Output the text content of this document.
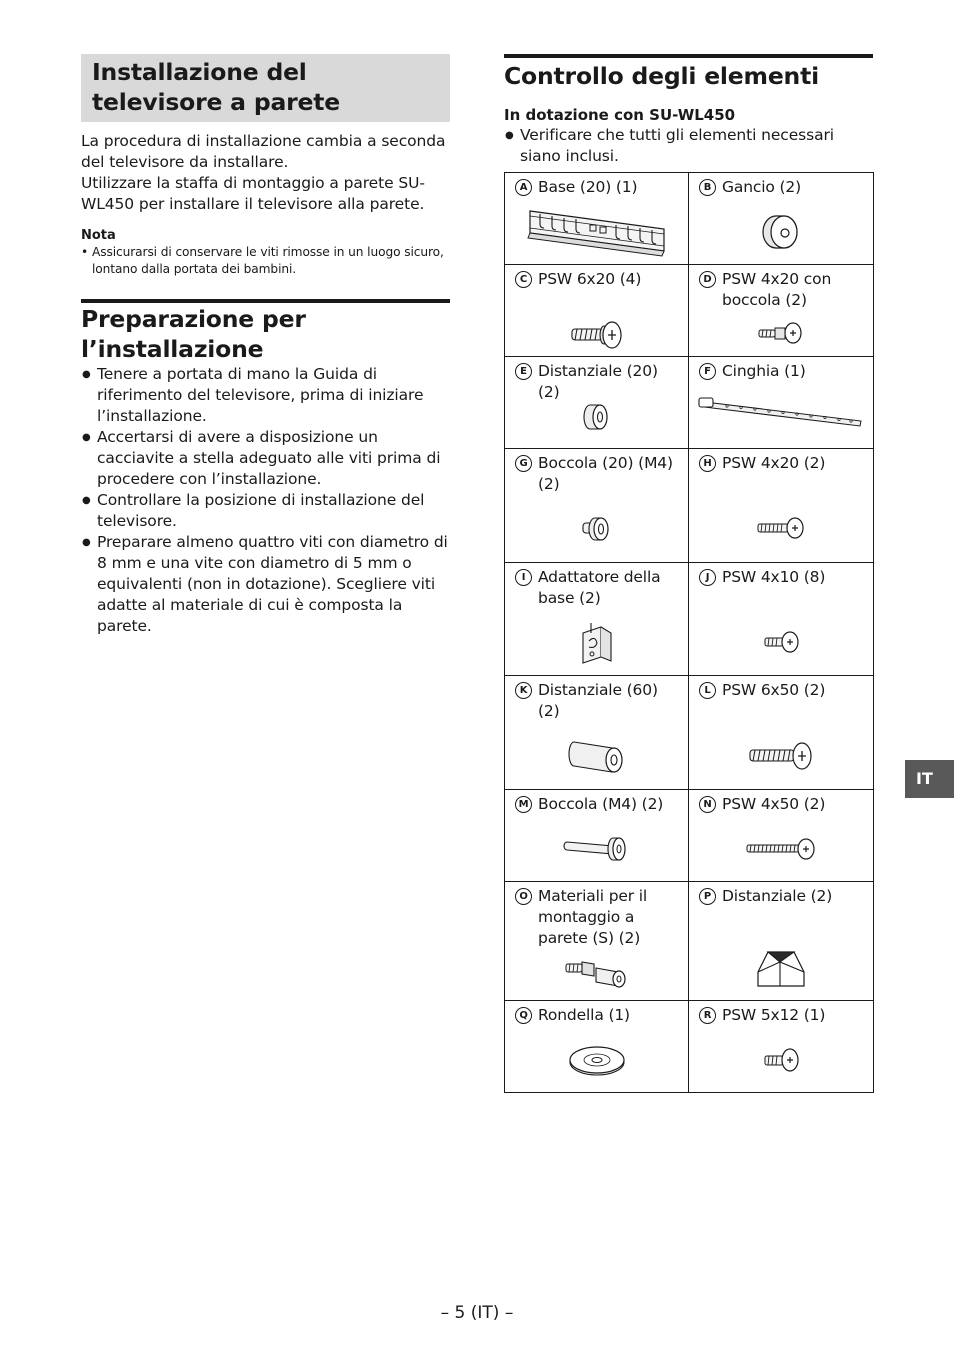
Installazione del televisore a parete

La procedura di installazione cambia a seconda del televisore da installare.

Utilizzare la staffa di montaggio a parete SU-WL450 per installare il televisore alla parete.

Nota
• Assicurarsi di conservare le viti rimosse in un luogo sicuro, lontano dalla portata dei bambini.
Preparazione per l’installazione
● Tenere a portata di mano la Guida di riferimento del televisore, prima di iniziare l’installazione.
● Accertarsi di avere a disposizione un cacciavite a stella adeguato alle viti prima di procedere con l’installazione.
● Controllare la posizione di installazione del televisore.
● Preparare almeno quattro viti con diametro di 8 mm e una vite con diametro di 5 mm o equivalenti (non in dotazione). Scegliere viti adatte al materiale di cui è composta la parete.
Controllo degli elementi
In dotazione con SU-WL450
● Verificare che tutti gli elementi necessari siano inclusi.
A Base (20) (1)	B Gancio (2)

C PSW 6x20 (4)	D PSW 4x20 con boccola (2)

E Distanziale (20) (2)	F Cinghia (1)

G Boccola (20) (M4) (2)	H PSW 4x20 (2)

I Adattatore della base (2)	J PSW 4x10 (8)

K Distanziale (60) (2)	L PSW 6x50 (2)

M Boccola (M4) (2)	N PSW 4x50 (2)

O Materiali per il montaggio a parete (S) (2)	P Distanziale (2)

Q Rondella (1)	R PSW 5x12 (1)
IT
– 5 (IT) –
